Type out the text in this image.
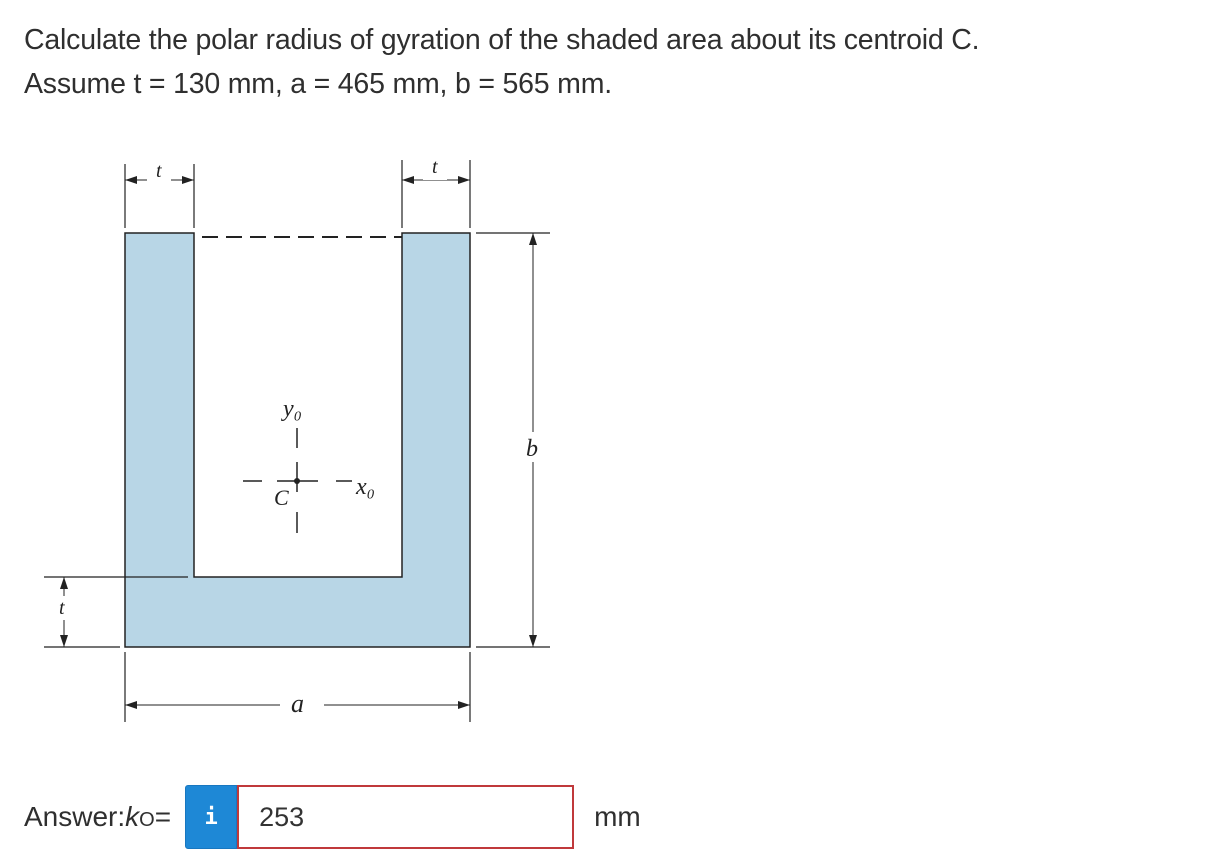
Calculate the polar radius of gyration of the shaded area about its centroid C.

Assume t = 130 mm, a = 465 mm, b = 565 mm.

t	t
b
t
a
y₀
x₀
C
Answer: k O =	i
253	mm
